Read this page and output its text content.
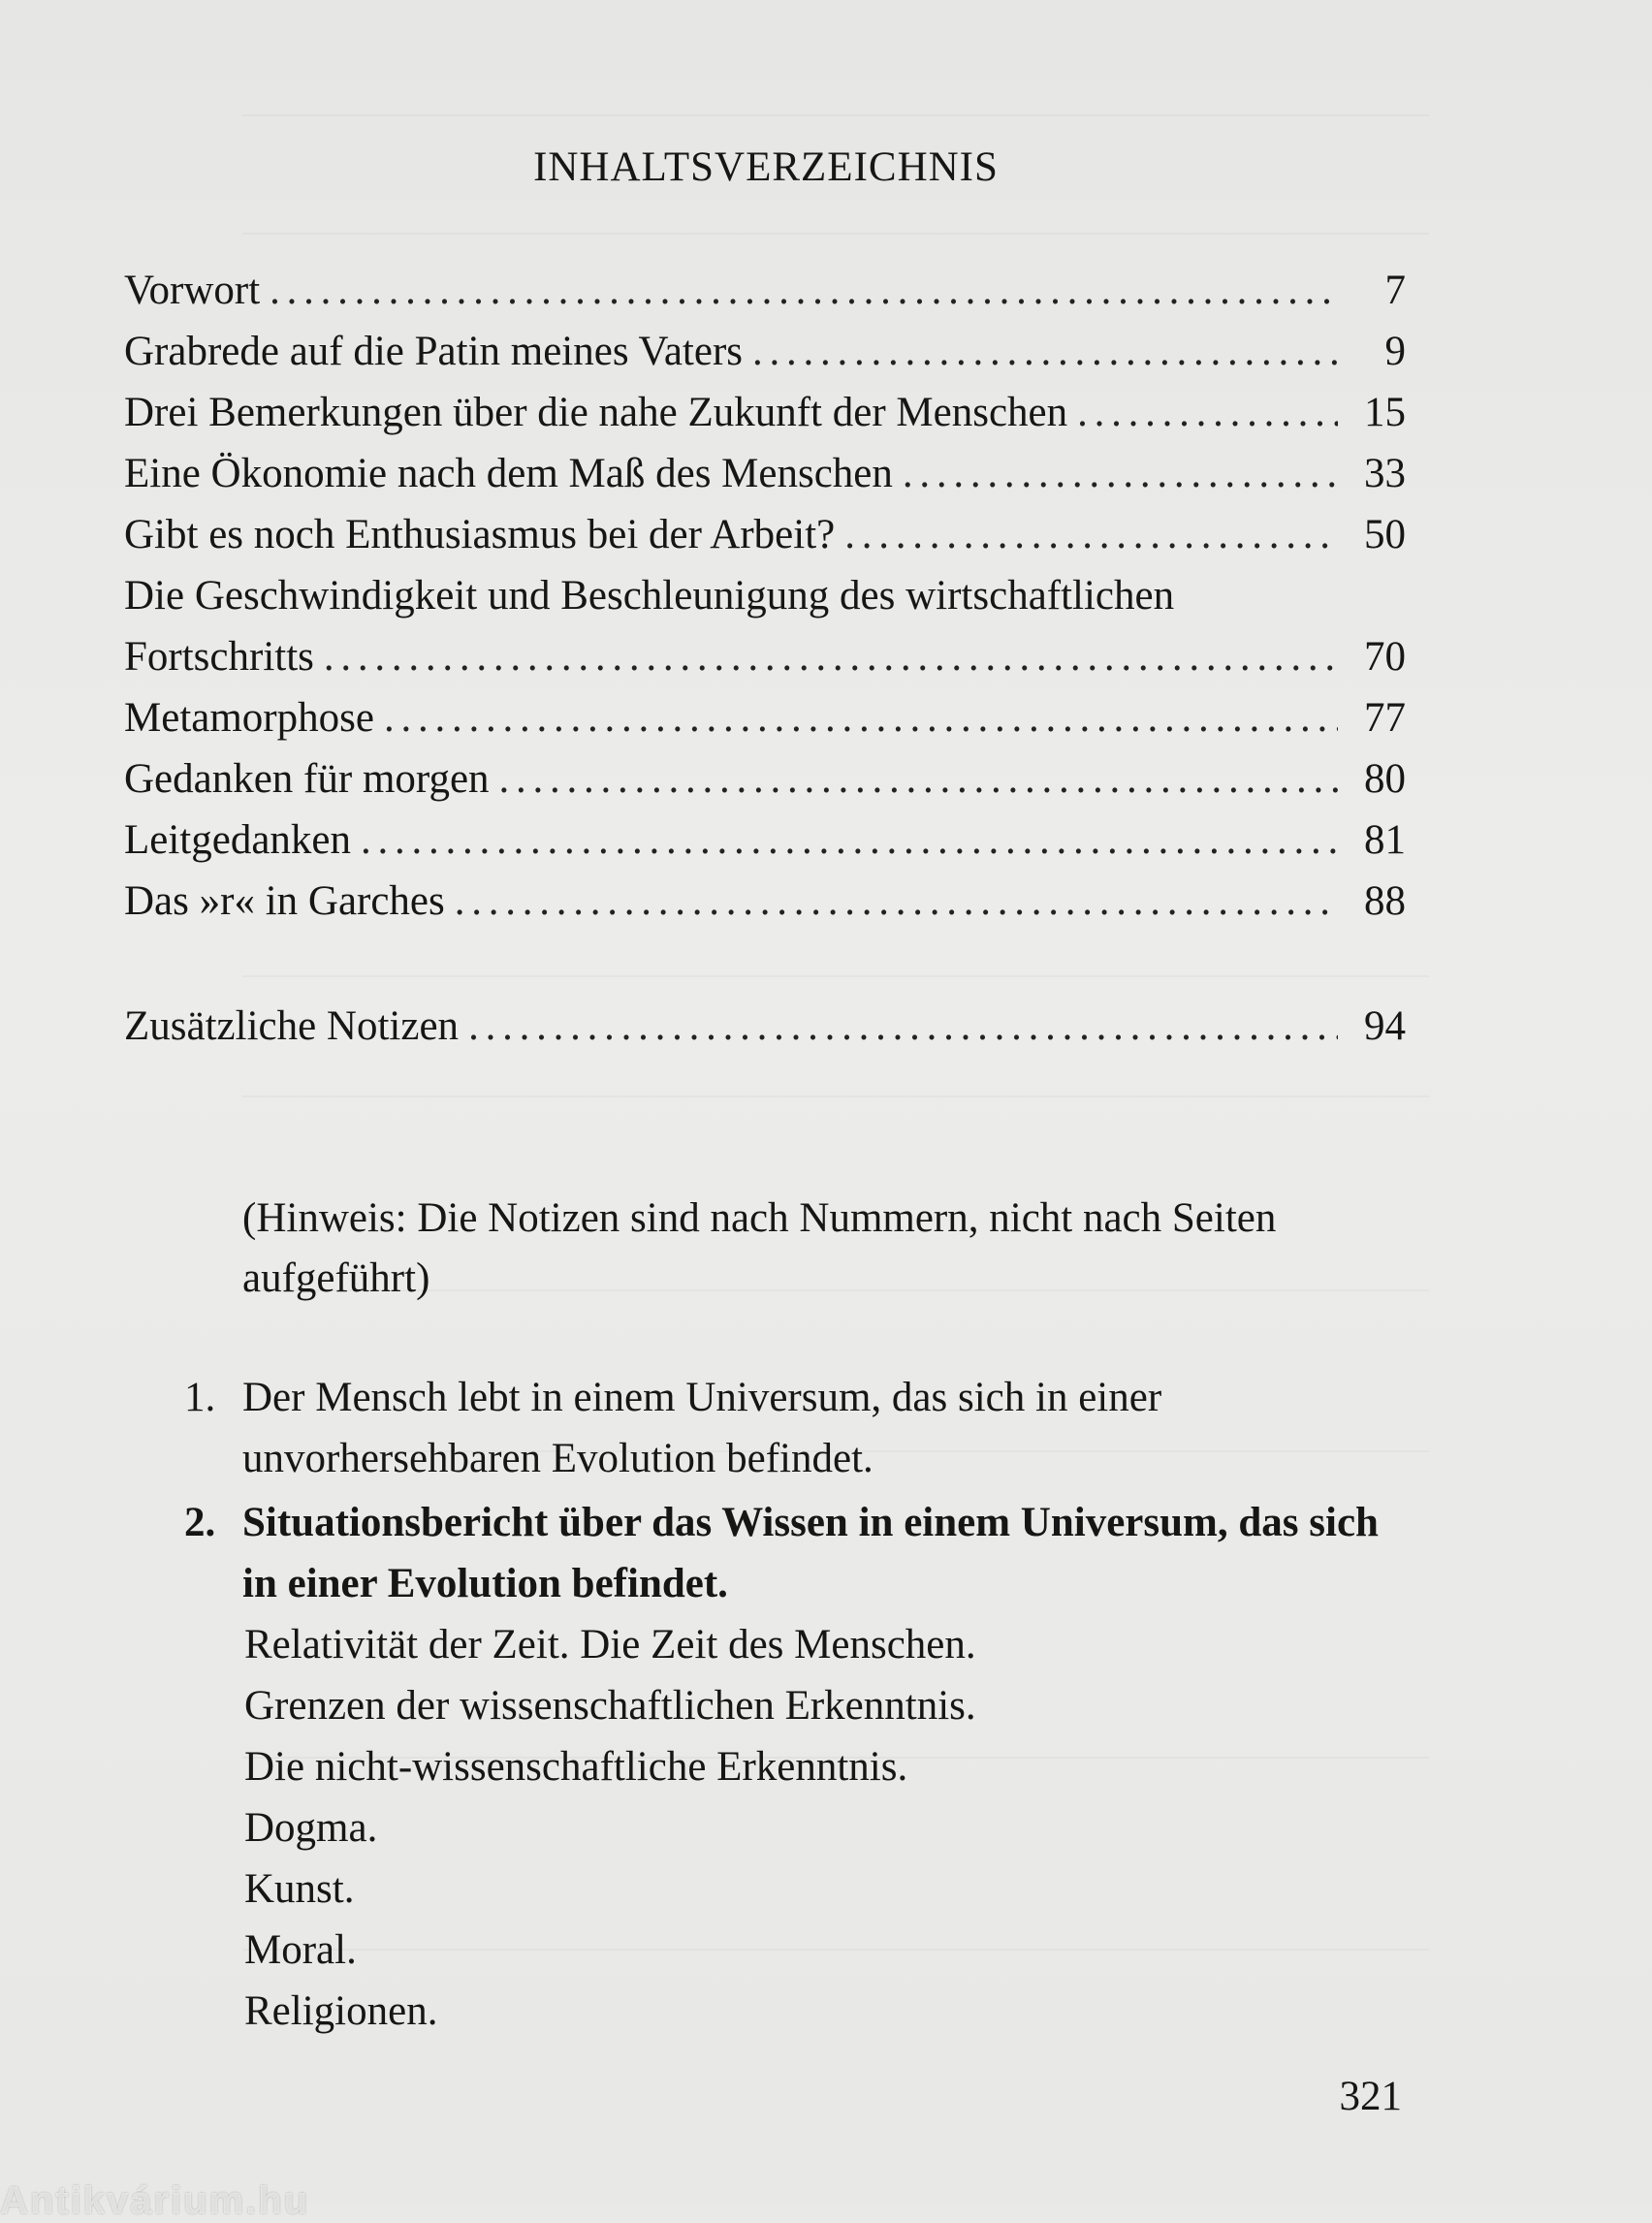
INHALTSVERZEICHNIS
Vorwort . . .	7
Grabrede auf die Patin meines Vaters . . .	9
Drei Bemerkungen über die nahe Zukunft der Menschen . . .	15
Eine Ökonomie nach dem Maß des Menschen . . .	33
Gibt es noch Enthusiasmus bei der Arbeit? . . .	50
Die Geschwindigkeit und Beschleunigung des wirtschaftlichen
Fortschritts . . .	70
Metamorphose . . .	77
Gedanken für morgen . . .	80
Leitgedanken . . .	81
Das »r« in Garches . . .	88
Zusätzliche Notizen . . .	94
(Hinweis: Die Notizen sind nach Nummern, nicht nach Seiten aufgeführt)
1. Der Mensch lebt in einem Universum, das sich in einer unvorhersehbaren Evolution befindet.
2. Situationsbericht über das Wissen in einem Universum, das sich in einer Evolution befindet.
Relativität der Zeit. Die Zeit des Menschen.
Grenzen der wissenschaftlichen Erkenntnis.
Die nicht-wissenschaftliche Erkenntnis.
Dogma.
Kunst.
Moral.
Religionen.
321
Antikvárium.hu
